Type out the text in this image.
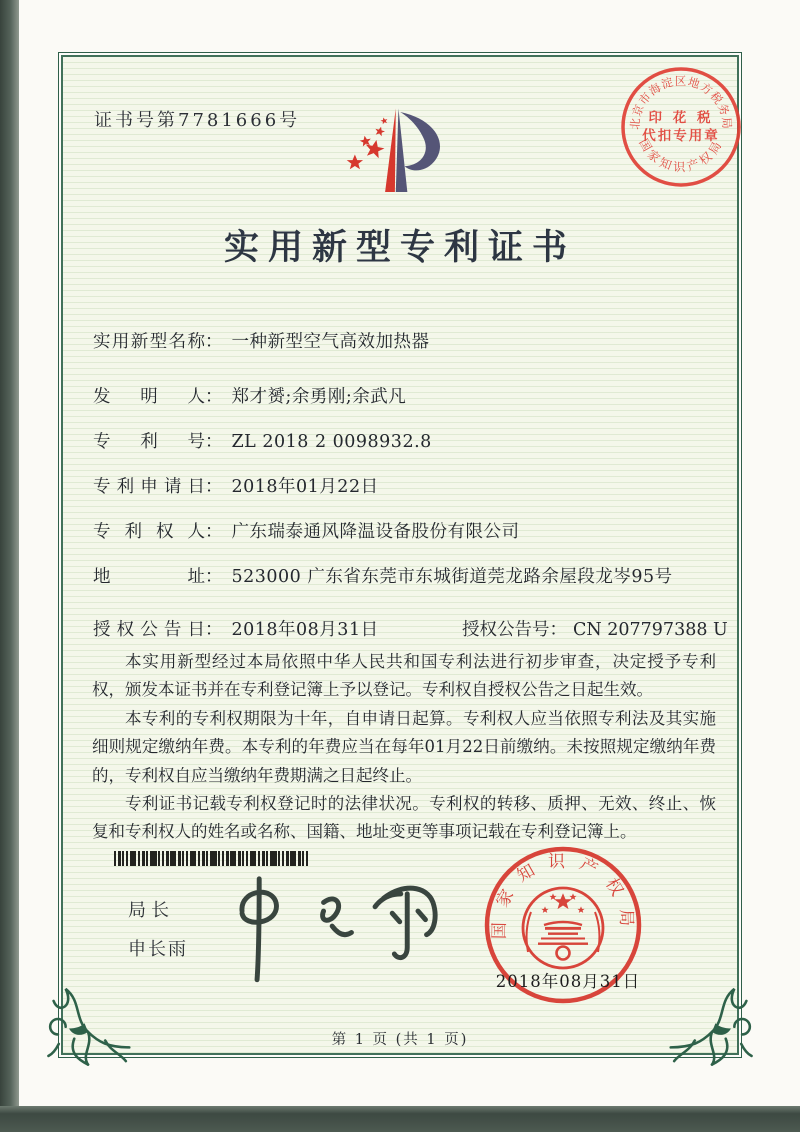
证书号第7781666号	北京市海淀区地方税务局
国家知识产权局
印 花 税
代扣专用章
实用新型专利证书
实用新型名称： 一种新型空气高效加热器
发明人： 郑才赟;余勇刚;余武凡
专利号： ZL 2018 2 0098932.8
专利申请日： 2018年01月22日
专利权人： 广东瑞泰通风降温设备股份有限公司
地址： 523000 广东省东莞市东城街道莞龙路余屋段龙岑95号
授权公告日： 2018年08月31日	授权公告号： CN 207797388 U

本实用新型经过本局依照中华人民共和国专利法进行初步审查，决定授予专利权，颁发本证书并在专利登记簿上予以登记。专利权自授权公告之日起生效。

本专利的专利权期限为十年，自申请日起算。专利权人应当依照专利法及其实施细则规定缴纳年费。本专利的年费应当在每年01月22日前缴纳。未按照规定缴纳年费的，专利权自应当缴纳年费期满之日起终止。

专利证书记载专利权登记时的法律状况。专利权的转移、质押、无效、终止、恢复和专利权人的姓名或名称、国籍、地址变更等事项记载在专利登记簿上。

局长
申长雨
国家知识产权局
2018年08月31日
第 1 页 (共 1 页)
